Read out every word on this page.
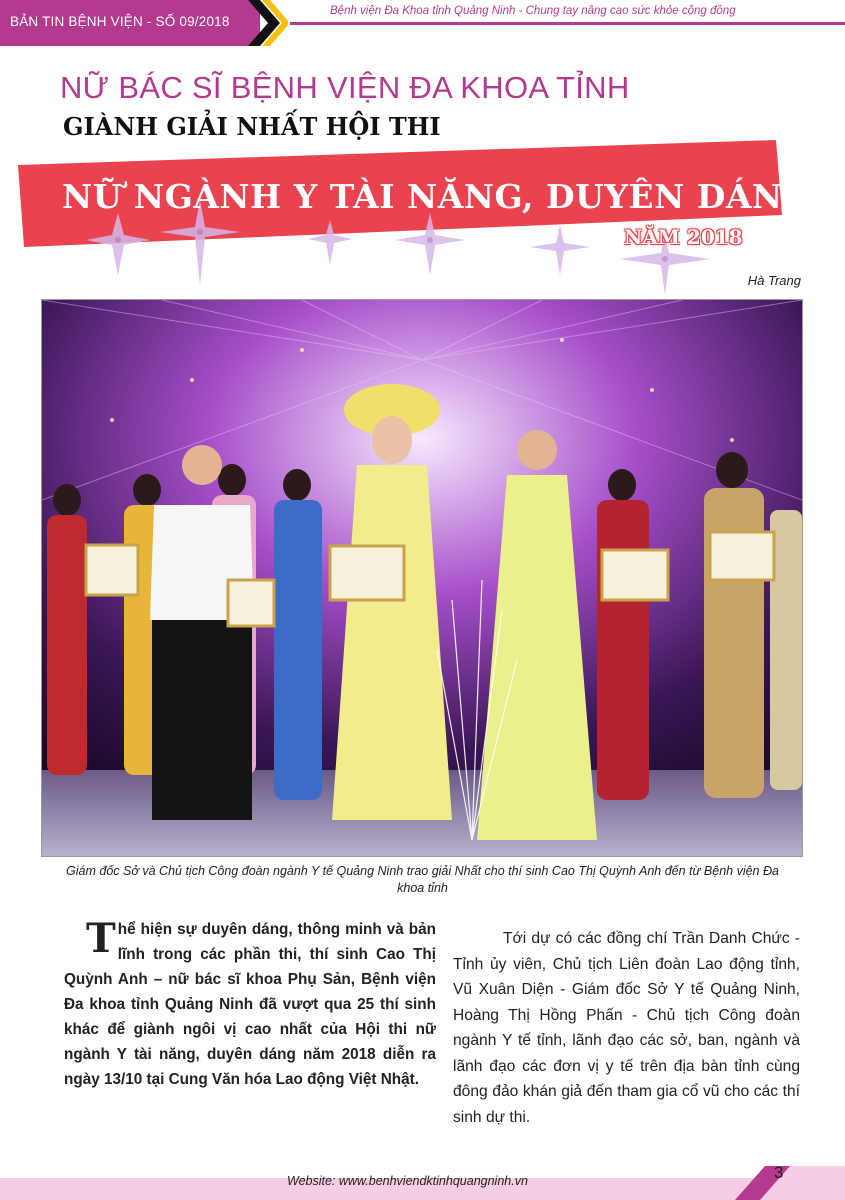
BẢN TIN BỆNH VIỆN - SỐ 09/2018
Bệnh viện Đa Khoa tỉnh Quảng Ninh - Chung tay nâng cao sức khỏe cộng đồng
NỮ BÁC SĨ BỆNH VIỆN ĐA KHOA TỈNH
GIÀNH GIẢI NHẤT HỘI THI
NỮ NGÀNH Y TÀI NĂNG, DUYÊN DÁNG
NĂM 2018
Hà Trang
Giám đốc Sở và Chủ tịch Công đoàn ngành Y tế Quảng Ninh trao giải Nhất cho thí sinh Cao Thị Quỳnh Anh đến từ Bệnh viện Đa khoa tỉnh
Thể hiện sự duyên dáng, thông minh và bản lĩnh trong các phần thi, thí sinh Cao Thị Quỳnh Anh – nữ bác sĩ khoa Phụ Sản, Bệnh viện Đa khoa tỉnh Quảng Ninh đã vượt qua 25 thí sinh khác để giành ngôi vị cao nhất của Hội thi nữ ngành Y tài năng, duyên dáng năm 2018 diễn ra ngày 13/10 tại Cung Văn hóa Lao động Việt Nhật.
Tới dự có các đồng chí Trần Danh Chức - Tỉnh ủy viên, Chủ tịch Liên đoàn Lao động tỉnh, Vũ Xuân Diện - Giám đốc Sở Y tế Quảng Ninh, Hoàng Thị Hồng Phấn - Chủ tịch Công đoàn ngành Y tế tỉnh, lãnh đạo các sở, ban, ngành và lãnh đạo các đơn vị y tế trên địa bàn tỉnh cùng đông đảo khán giả đến tham gia cổ vũ cho các thí sinh dự thi.
Website: www.benhviendktinhquangninh.vn	3
